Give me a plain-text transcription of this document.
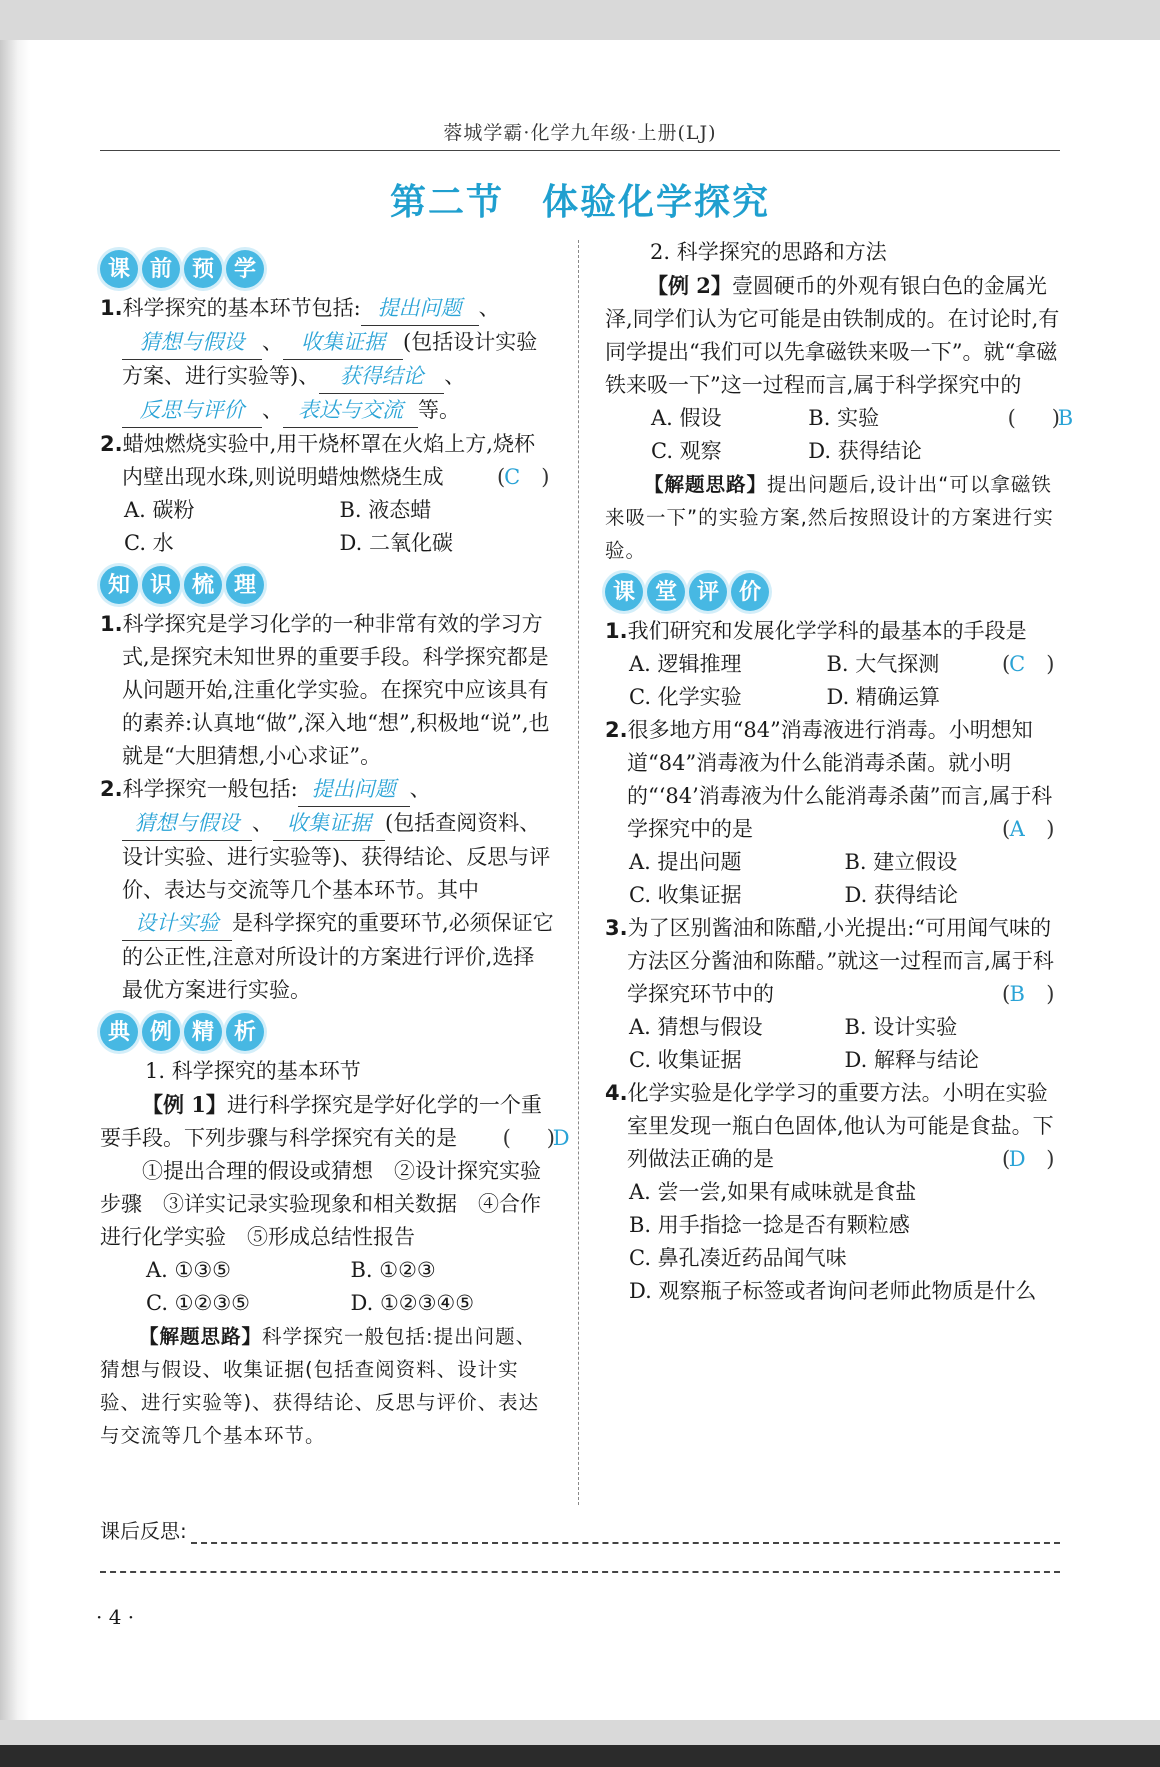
蓉城学霸·化学九年级·上册(LJ)
第二节　体验化学探究
课 前 预 学

1.科学探究的基本环节包括: 提出问题 、猜想与假设 、 收集证据 (包括设计实验方案、进行实验等)、 获得结论 、反思与评价 、 表达与交流 等。

2.蜡烛燃烧实验中,用干烧杯罩在火焰上方,烧杯内壁出现水珠,则说明蜡烛燃烧生成	(C )

A. 碳粉	B. 液态蜡
C. 水	D. 二氧化碳
知 识 梳 理

1.科学探究是学习化学的一种非常有效的学习方式,是探究未知世界的重要手段。科学探究都是从问题开始,注重化学实验。在探究中应该具有的素养:认真地“做”,深入地“想”,积极地“说”,也就是“大胆猜想,小心求证”。

2.科学探究一般包括: 提出问题 、猜想与假设 、 收集证据 (包括查阅资料、设计实验、进行实验等)、获得结论、反思与评价、表达与交流等几个基本环节。其中设计实验 是科学探究的重要环节,必须保证它的公正性,注意对所设计的方案进行评价,选择最优方案进行实验。

典 例 精 析

1. 科学探究的基本环节

【例 1】进行科学探究是学好化学的一个重要手段。下列步骤与科学探究有关的是	( D)

①提出合理的假设或猜想　②设计探究实验步骤　③详实记录实验现象和相关数据　④合作进行化学实验　⑤形成总结性报告

A. ①③⑤	B. ①②③
C. ①②③⑤	D. ①②③④⑤

【解题思路】科学探究一般包括:提出问题、猜想与假设、收集证据(包括查阅资料、设计实验、进行实验等)、获得结论、反思与评价、表达与交流等几个基本环节。

2. 科学探究的思路和方法

【例 2】壹圆硬币的外观有银白色的金属光泽,同学们认为它可能是由铁制成的。在讨论时,有同学提出“我们可以先拿磁铁来吸一下”。就“拿磁铁来吸一下”这一过程而言,属于科学探究中的
( B)

A. 假设	B. 实验
C. 观察	D. 获得结论

【解题思路】提出问题后,设计出“可以拿磁铁来吸一下”的实验方案,然后按照设计的方案进行实验。

课 堂 评 价

1.我们研究和发展化学学科的最基本的手段是
(C )

A. 逻辑推理	B. 大气探测
C. 化学实验	D. 精确运算

2.很多地方用“84”消毒液进行消毒。小明想知道“84”消毒液为什么能消毒杀菌。就小明的“‘84’消毒液为什么能消毒杀菌”而言,属于科学探究中的是	(A )

A. 提出问题	B. 建立假设
C. 收集证据	D. 获得结论

3.为了区别酱油和陈醋,小光提出:“可用闻气味的方法区分酱油和陈醋。”就这一过程而言,属于科学探究环节中的	(B )

A. 猜想与假设	B. 设计实验
C. 收集证据	D. 解释与结论

4.化学实验是化学学习的重要方法。小明在实验室里发现一瓶白色固体,他认为可能是食盐。下列做法正确的是	(D )

A. 尝一尝,如果有咸味就是食盐
B. 用手指捻一捻是否有颗粒感
C. 鼻孔凑近药品闻气味
D. 观察瓶子标签或者询问老师此物质是什么
课后反思:
· 4 ·
